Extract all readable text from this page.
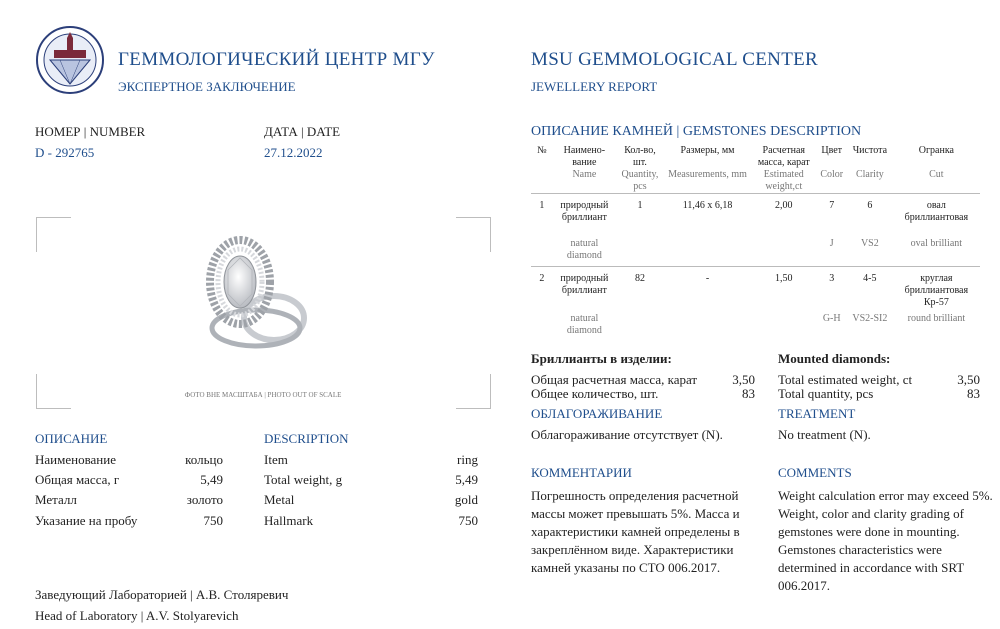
ГЕММОЛОГИЧЕСКИЙ ЦЕНТР МГУ
ЭКСПЕРТНОЕ ЗАКЛЮЧЕНИЕ
MSU GEMMOLOGICAL CENTER
JEWELLERY REPORT
НОМЕР | NUMBER
D - 292765
ДАТА | DATE
27.12.2022
ФОТО ВНЕ МАСШТАБА | PHOTO OUT OF SCALE
ОПИСАНИЕ
Наименование	кольцо
Общая масса, г	5,49
Металл	золото
Указание на пробу	750
DESCRIPTION
Item	ring
Total weight, g	5,49
Metal	gold
Hallmark	750
Заведующий Лабораторией | А.В. Столяревич
Head of Laboratory | A.V. Stolyarevich
ОПИСАНИЕ КАМНЕЙ | GEMSTONES DESCRIPTION
№	Наимено-вание	Кол-во, шт.	Размеры, мм	Расчетная масса, карат	Цвет	Чистота	Огранка
	Name	Quantity, pcs	Measurements, mm	Estimated weight,ct	Color	Clarity	Cut

1	природный бриллиант	1	11,46 x 6,18	2,00	7	6	овал бриллиантовая

	natural diamond				J	VS2	oval brilliant

2	природный бриллиант	82	-	1,50	3	4-5	круглая бриллиантовая Кр-57

	natural diamond				G-H	VS2-SI2	round brilliant
Бриллианты в изделии:
Общая расчетная масса, карат	3,50
Общее количество, шт.	83
Mounted diamonds:
Total estimated weight, ct	3,50
Total quantity, pcs	83
ОБЛАГОРАЖИВАНИЕ
Облагораживание отсутствует (N).
TREATMENT
No treatment (N).
КОММЕНТАРИИ
Погрешность определения расчетной массы может превышать 5%. Масса и характеристики камней определены в закреплённом виде. Характеристики камней указаны по СТО 006.2017.
COMMENTS
Weight calculation error may exceed 5%. Weight, color and clarity grading of gemstones were done in mounting. Gemstones characteristics were determined in accordance with SRT 006.2017.
